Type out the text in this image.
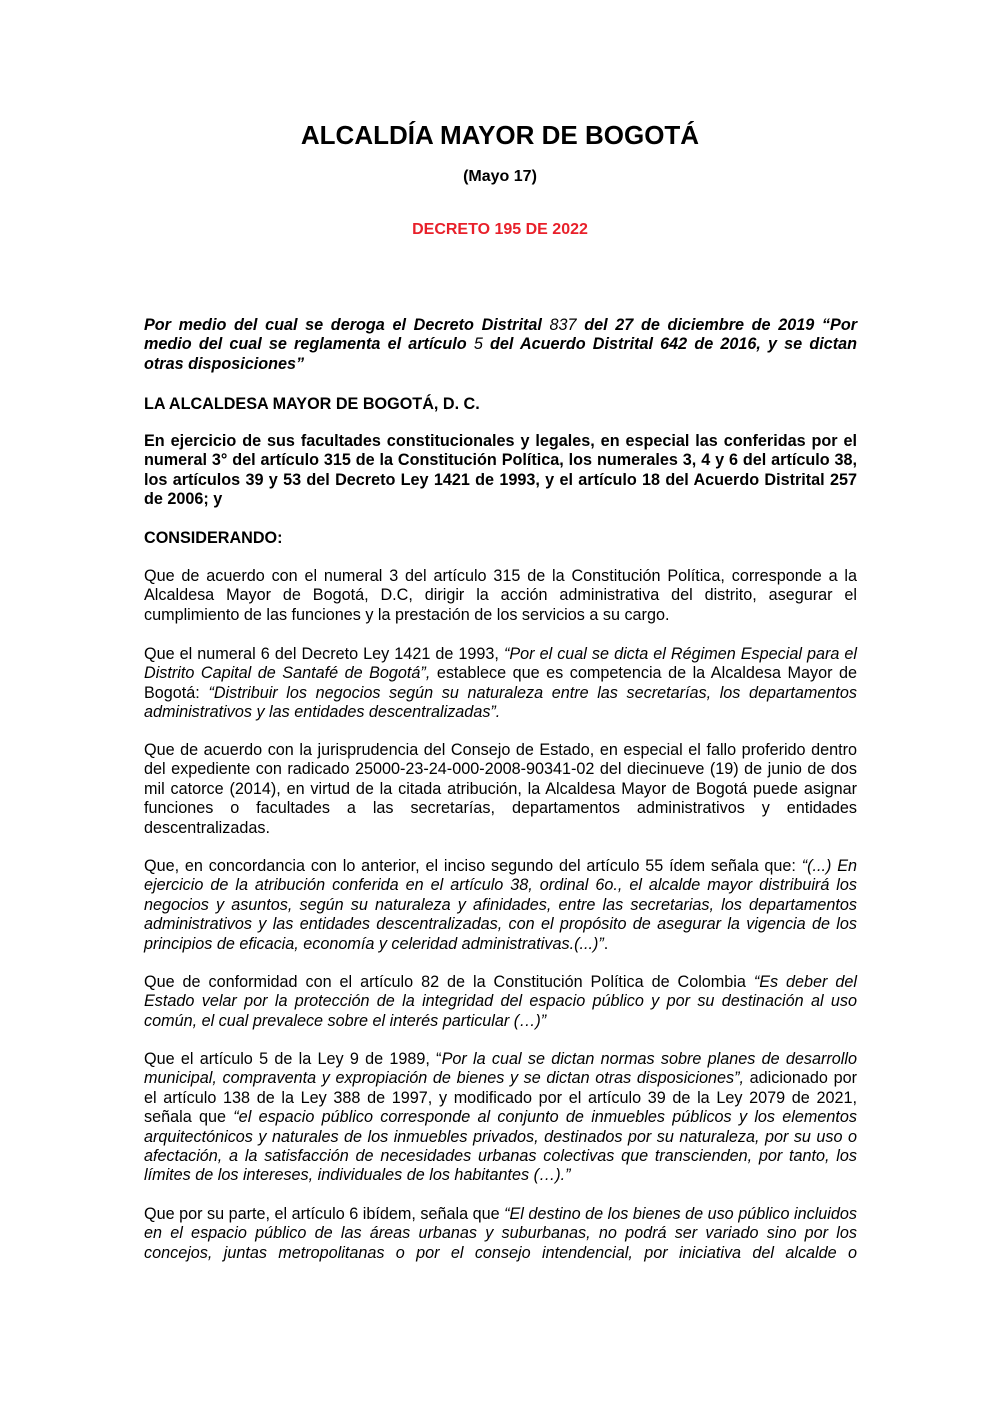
ALCALDÍA MAYOR DE BOGOTÁ
(Mayo 17)
DECRETO 195 DE 2022
Por medio del cual se deroga el Decreto Distrital 837 del 27 de diciembre de 2019 “Por medio del cual se reglamenta el artículo 5 del Acuerdo Distrital 642 de 2016, y se dictan otras disposiciones”
LA ALCALDESA MAYOR DE BOGOTÁ, D. C.
En ejercicio de sus facultades constitucionales y legales, en especial las conferidas por el numeral 3° del artículo 315 de la Constitución Política, los numerales 3, 4 y 6 del artículo 38, los artículos 39 y 53 del Decreto Ley 1421 de 1993, y el artículo 18 del Acuerdo Distrital 257 de 2006; y
CONSIDERANDO:
Que de acuerdo con el numeral 3 del artículo 315 de la Constitución Política, corresponde a la Alcaldesa Mayor de Bogotá, D.C, dirigir la acción administrativa del distrito, asegurar el cumplimiento de las funciones y la prestación de los servicios a su cargo.
Que el numeral 6 del Decreto Ley 1421 de 1993, “Por el cual se dicta el Régimen Especial para el Distrito Capital de Santafé de Bogotá”, establece que es competencia de la Alcaldesa Mayor de Bogotá: “Distribuir los negocios según su naturaleza entre las secretarías, los departamentos administrativos y las entidades descentralizadas”.
Que de acuerdo con la jurisprudencia del Consejo de Estado, en especial el fallo proferido dentro del expediente con radicado 25000-23-24-000-2008-90341-02 del diecinueve (19) de junio de dos mil catorce (2014), en virtud de la citada atribución, la Alcaldesa Mayor de Bogotá puede asignar funciones o facultades a las secretarías, departamentos administrativos y entidades descentralizadas.
Que, en concordancia con lo anterior, el inciso segundo del artículo 55 ídem señala que: “(...) En ejercicio de la atribución conferida en el artículo 38, ordinal 6o., el alcalde mayor distribuirá los negocios y asuntos, según su naturaleza y afinidades, entre las secretarias, los departamentos administrativos y las entidades descentralizadas, con el propósito de asegurar la vigencia de los principios de eficacia, economía y celeridad administrativas.(...)”.
Que de conformidad con el artículo 82 de la Constitución Política de Colombia “Es deber del Estado velar por la protección de la integridad del espacio público y por su destinación al uso común, el cual prevalece sobre el interés particular (…)”
Que el artículo 5 de la Ley 9 de 1989, “Por la cual se dictan normas sobre planes de desarrollo municipal, compraventa y expropiación de bienes y se dictan otras disposiciones”, adicionado por el artículo 138 de la Ley 388 de 1997, y modificado por el artículo 39 de la Ley 2079 de 2021, señala que “el espacio público corresponde al conjunto de inmuebles públicos y los elementos arquitectónicos y naturales de los inmuebles privados, destinados por su naturaleza, por su uso o afectación, a la satisfacción de necesidades urbanas colectivas que transcienden, por tanto, los límites de los intereses, individuales de los habitantes (…).”
Que por su parte, el artículo 6 ibídem, señala que “El destino de los bienes de uso público incluidos en el espacio público de las áreas urbanas y suburbanas, no podrá ser variado sino por los concejos, juntas metropolitanas o por el consejo intendencial, por iniciativa del alcalde o
